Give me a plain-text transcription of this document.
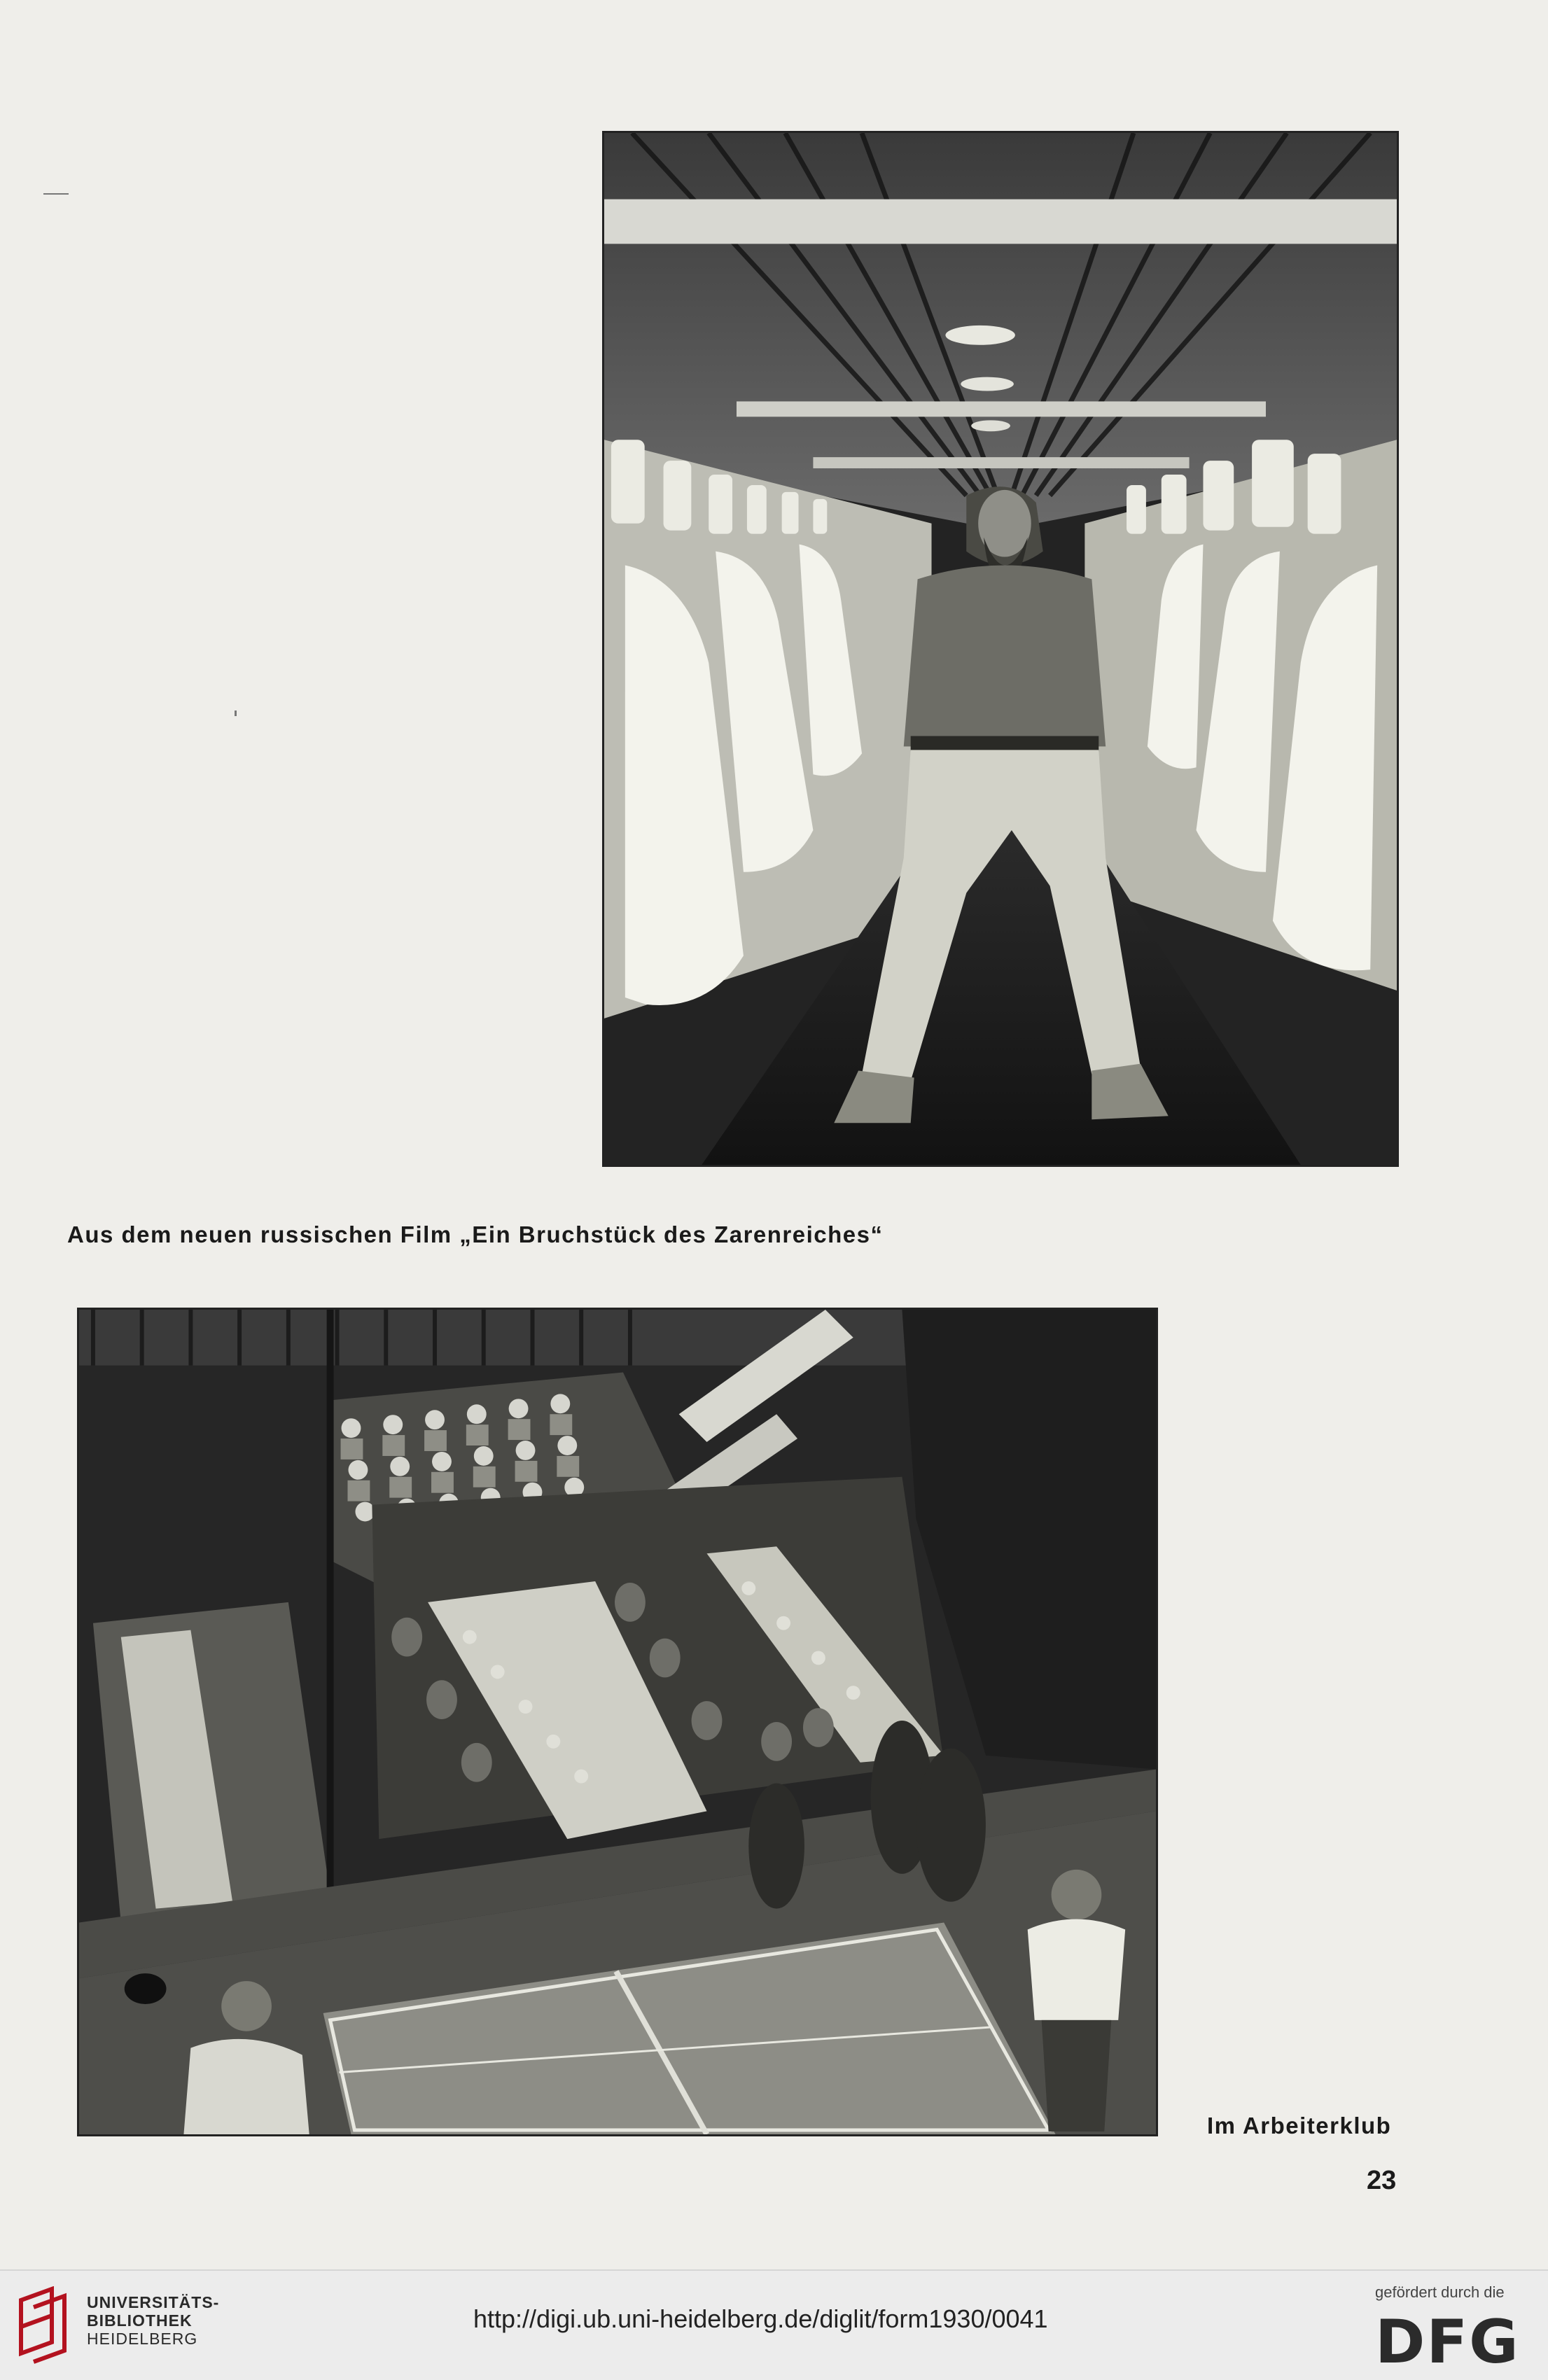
Aus dem neuen russischen Film „Ein Bruchstück des Zarenreiches“
Im Arbeiterklub
23
UNIVERSITÄTS-
BIBLIOTHEK
HEIDELBERG
http://digi.ub.uni-heidelberg.de/diglit/form1930/0041
gefördert durch die
DFG
